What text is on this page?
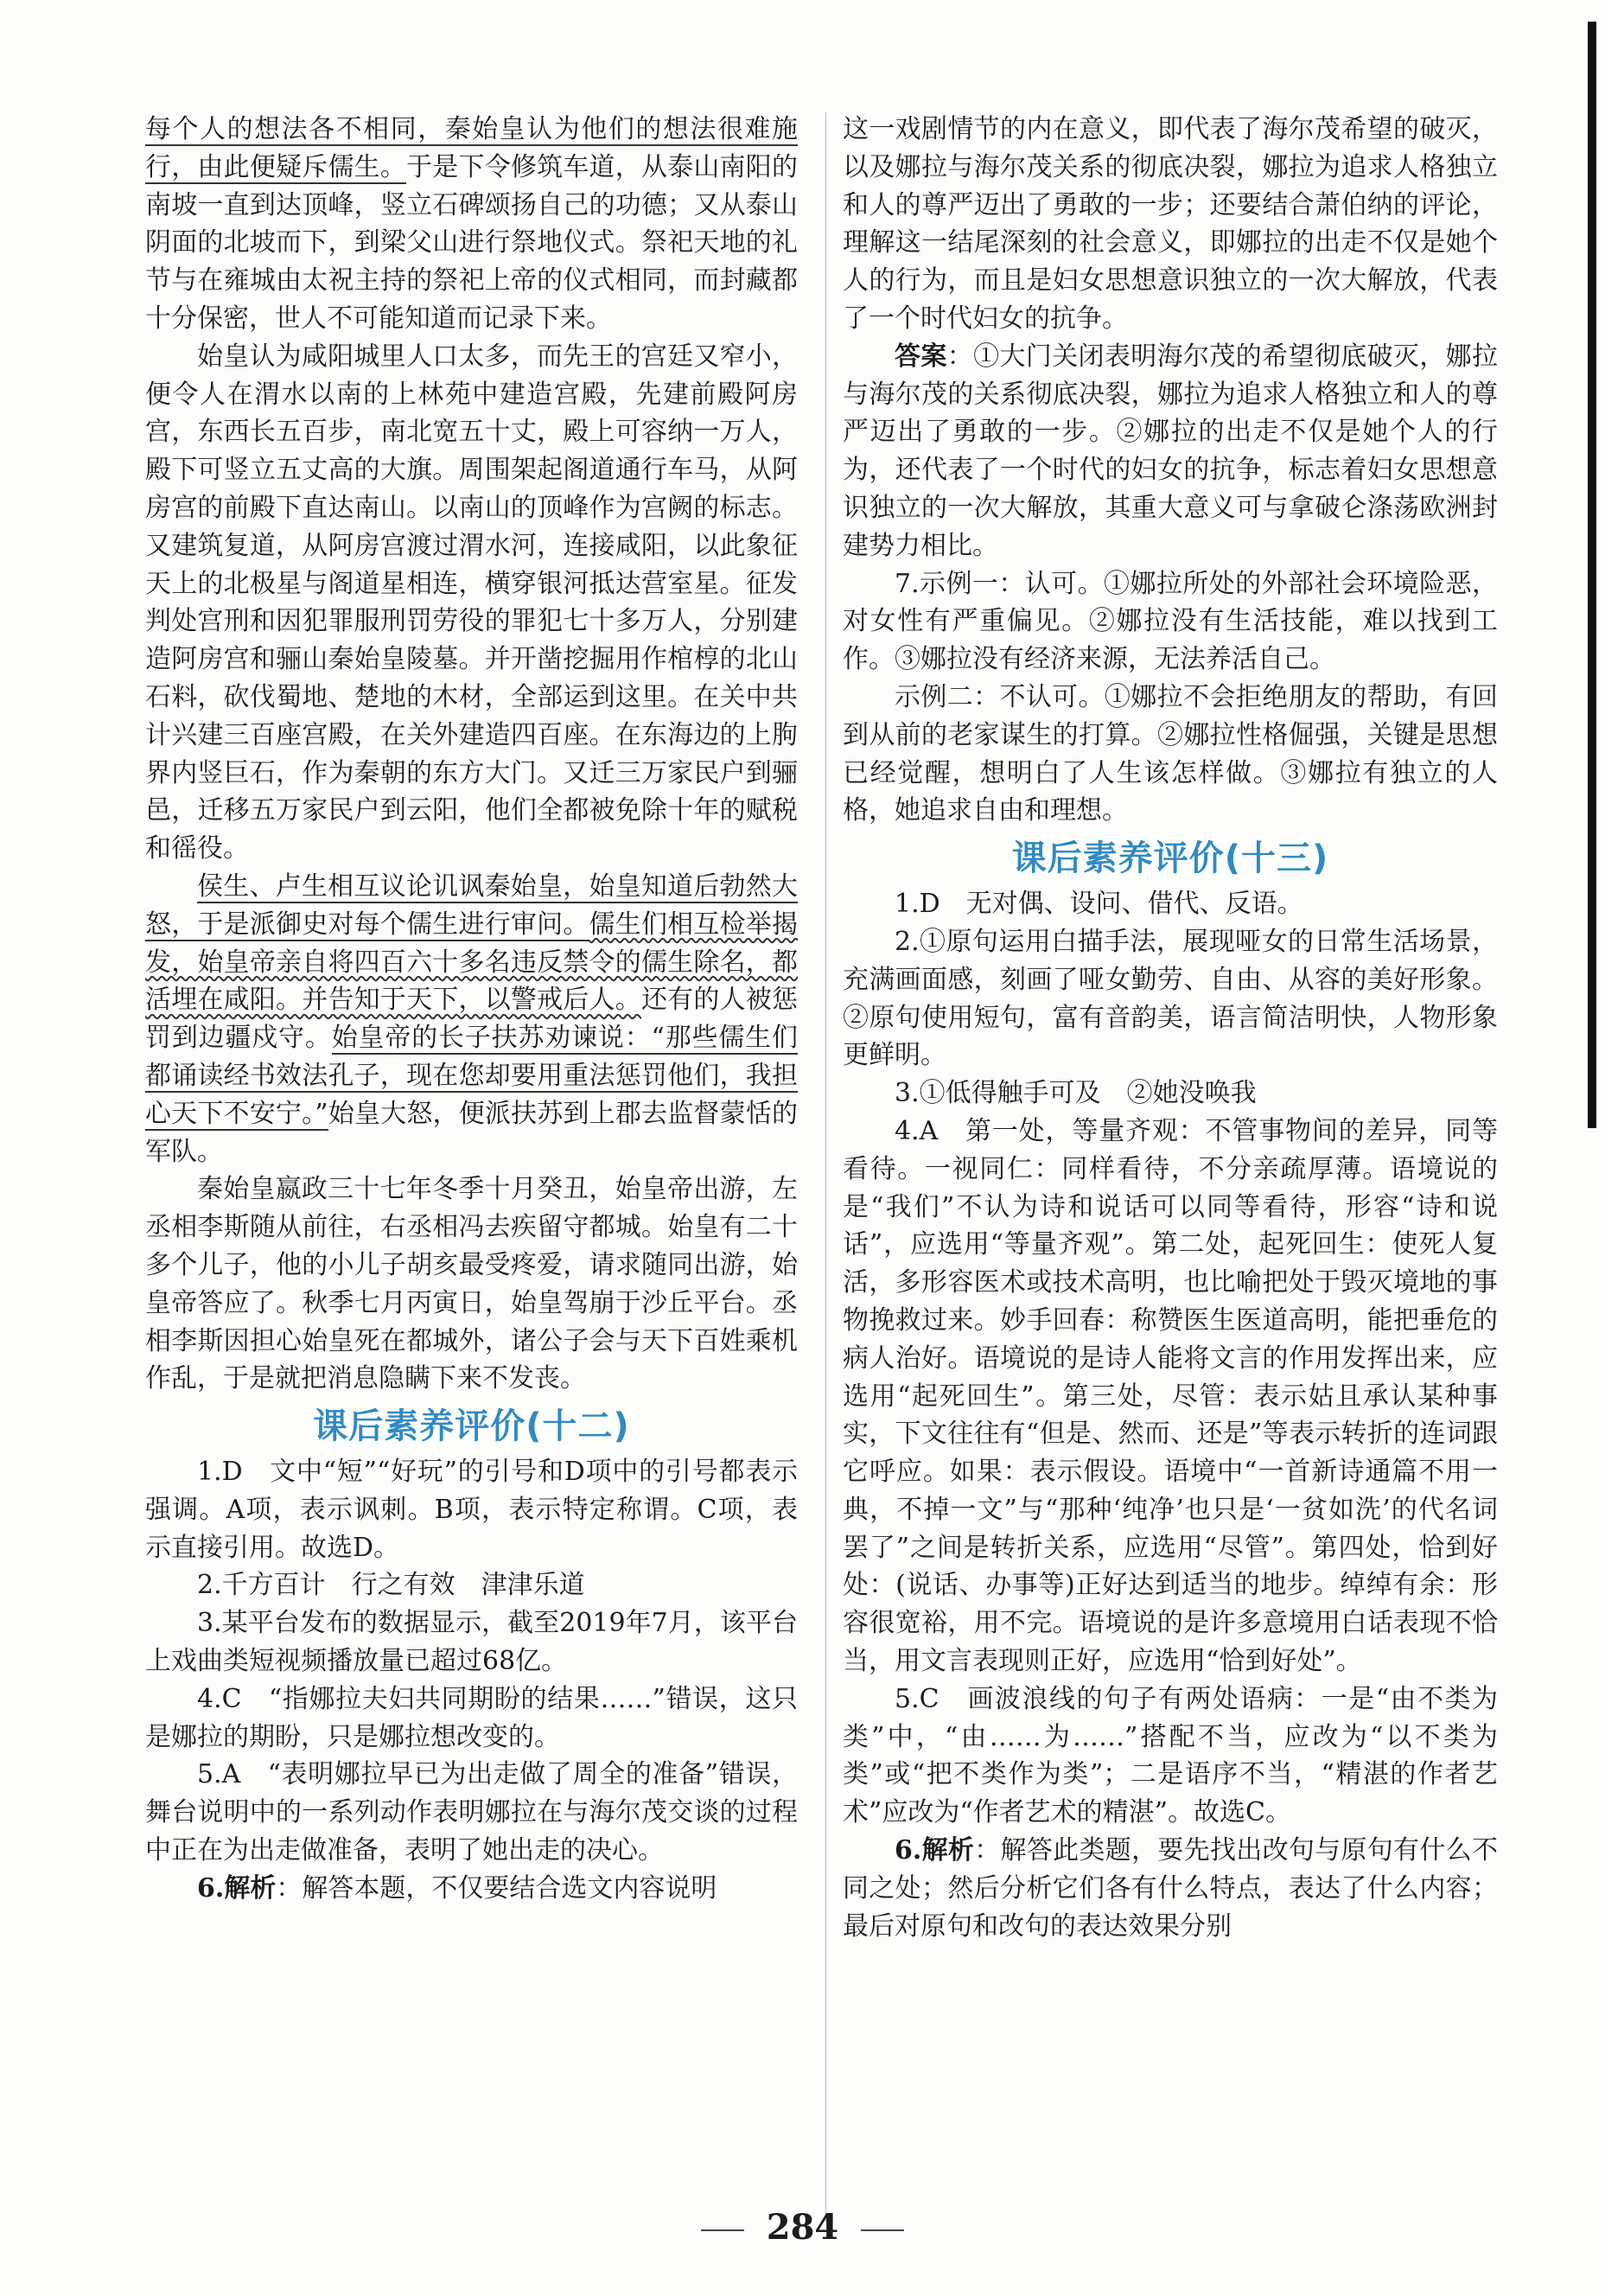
每个人的想法各不相同，秦始皇认为他们的想法很难施行，由此便疑斥儒生。于是下令修筑车道，从泰山南阳的南坡一直到达顶峰，竖立石碑颂扬自己的功德；又从泰山阴面的北坡而下，到梁父山进行祭地仪式。祭祀天地的礼节与在雍城由太祝主持的祭祀上帝的仪式相同，而封藏都十分保密，世人不可能知道而记录下来。

始皇认为咸阳城里人口太多，而先王的宫廷又窄小，便令人在渭水以南的上林苑中建造宫殿，先建前殿阿房宫，东西长五百步，南北宽五十丈，殿上可容纳一万人，殿下可竖立五丈高的大旗。周围架起阁道通行车马，从阿房宫的前殿下直达南山。以南山的顶峰作为宫阙的标志。又建筑复道，从阿房宫渡过渭水河，连接咸阳，以此象征天上的北极星与阁道星相连，横穿银河抵达营室星。征发判处宫刑和因犯罪服刑罚劳役的罪犯七十多万人，分别建造阿房宫和骊山秦始皇陵墓。并开凿挖掘用作棺椁的北山石料，砍伐蜀地、楚地的木材，全部运到这里。在关中共计兴建三百座宫殿，在关外建造四百座。在东海边的上朐界内竖巨石，作为秦朝的东方大门。又迁三万家民户到骊邑，迁移五万家民户到云阳，他们全都被免除十年的赋税和徭役。

侯生、卢生相互议论讥讽秦始皇，始皇知道后勃然大怒，于是派御史对每个儒生进行审问。儒生们相互检举揭发，始皇帝亲自将四百六十多名违反禁令的儒生除名，都活埋在咸阳。并告知于天下，以警戒后人。还有的人被惩罚到边疆戍守。始皇帝的长子扶苏劝谏说：“那些儒生们都诵读经书效法孔子，现在您却要用重法惩罚他们，我担心天下不安宁。”始皇大怒，便派扶苏到上郡去监督蒙恬的军队。

秦始皇嬴政三十七年冬季十月癸丑，始皇帝出游，左丞相李斯随从前往，右丞相冯去疾留守都城。始皇有二十多个儿子，他的小儿子胡亥最受疼爱，请求随同出游，始皇帝答应了。秋季七月丙寅日，始皇驾崩于沙丘平台。丞相李斯因担心始皇死在都城外，诸公子会与天下百姓乘机作乱，于是就把消息隐瞒下来不发丧。

课后素养评价(十二)

1.D　文中“短”“好玩”的引号和D项中的引号都表示强调。A项，表示讽刺。B项，表示特定称谓。C项，表示直接引用。故选D。

2.千方百计　行之有效　津津乐道

3.某平台发布的数据显示，截至2019年7月，该平台上戏曲类短视频播放量已超过68亿。

4.C　“指娜拉夫妇共同期盼的结果……”错误，这只是娜拉的期盼，只是娜拉想改变的。

5.A　“表明娜拉早已为出走做了周全的准备”错误，舞台说明中的一系列动作表明娜拉在与海尔茂交谈的过程中正在为出走做准备，表明了她出走的决心。

6.解析：解答本题，不仅要结合选文内容说明

这一戏剧情节的内在意义，即代表了海尔茂希望的破灭，以及娜拉与海尔茂关系的彻底决裂，娜拉为追求人格独立和人的尊严迈出了勇敢的一步；还要结合萧伯纳的评论，理解这一结尾深刻的社会意义，即娜拉的出走不仅是她个人的行为，而且是妇女思想意识独立的一次大解放，代表了一个时代妇女的抗争。

答案：①大门关闭表明海尔茂的希望彻底破灭，娜拉与海尔茂的关系彻底决裂，娜拉为追求人格独立和人的尊严迈出了勇敢的一步。②娜拉的出走不仅是她个人的行为，还代表了一个时代的妇女的抗争，标志着妇女思想意识独立的一次大解放，其重大意义可与拿破仑涤荡欧洲封建势力相比。

7.示例一：认可。①娜拉所处的外部社会环境险恶，对女性有严重偏见。②娜拉没有生活技能，难以找到工作。③娜拉没有经济来源，无法养活自己。

示例二：不认可。①娜拉不会拒绝朋友的帮助，有回到从前的老家谋生的打算。②娜拉性格倔强，关键是思想已经觉醒，想明白了人生该怎样做。③娜拉有独立的人格，她追求自由和理想。

课后素养评价(十三)

1.D　无对偶、设问、借代、反语。

2.①原句运用白描手法，展现哑女的日常生活场景，充满画面感，刻画了哑女勤劳、自由、从容的美好形象。②原句使用短句，富有音韵美，语言简洁明快，人物形象更鲜明。

3.①低得触手可及　②她没唤我

4.A　第一处，等量齐观：不管事物间的差异，同等看待。一视同仁：同样看待，不分亲疏厚薄。语境说的是“我们”不认为诗和说话可以同等看待，形容“诗和说话”，应选用“等量齐观”。第二处，起死回生：使死人复活，多形容医术或技术高明，也比喻把处于毁灭境地的事物挽救过来。妙手回春：称赞医生医道高明，能把垂危的病人治好。语境说的是诗人能将文言的作用发挥出来，应选用“起死回生”。第三处，尽管：表示姑且承认某种事实，下文往往有“但是、然而、还是”等表示转折的连词跟它呼应。如果：表示假设。语境中“一首新诗通篇不用一典，不掉一文”与“那种‘纯净’也只是‘一贫如洗’的代名词罢了”之间是转折关系，应选用“尽管”。第四处，恰到好处：(说话、办事等)正好达到适当的地步。绰绰有余：形容很宽裕，用不完。语境说的是许多意境用白话表现不恰当，用文言表现则正好，应选用“恰到好处”。

5.C　画波浪线的句子有两处语病：一是“由不类为类”中，“由……为……”搭配不当，应改为“以不类为类”或“把不类作为类”；二是语序不当，“精湛的作者艺术”应改为“作者艺术的精湛”。故选C。

6.解析：解答此类题，要先找出改句与原句有什么不同之处；然后分析它们各有什么特点，表达了什么内容；最后对原句和改句的表达效果分别

284
